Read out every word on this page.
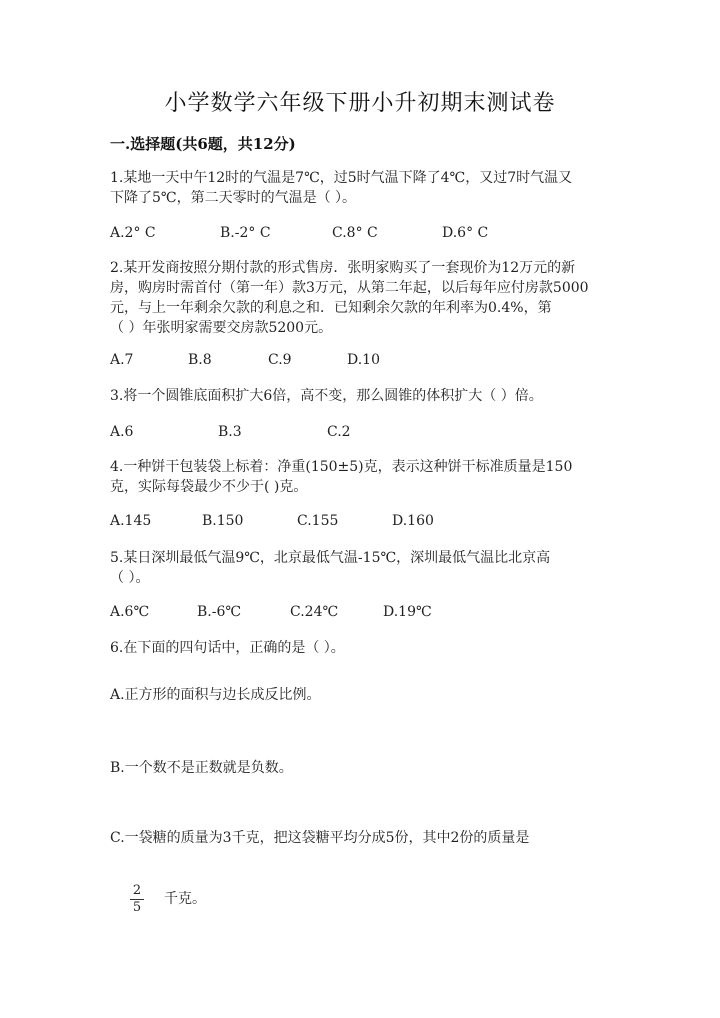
小学数学六年级下册小升初期末测试卷
一.选择题(共6题，共12分)
1.某地一天中午12时的气温是7℃，过5时气温下降了4℃，又过7时气温又
下降了5℃，第二天零时的气温是（ ）。
A.2° C	B.-2° C	C.8° C	D.6° C
2.某开发商按照分期付款的形式售房．张明家购买了一套现价为12万元的新
房，购房时需首付（第一年）款3万元，从第二年起，以后每年应付房款5000
元，与上一年剩余欠款的利息之和．已知剩余欠款的年利率为0.4%，第
（ ）年张明家需要交房款5200元。
A.7	B.8	C.9	D.10
3.将一个圆锥底面积扩大6倍，高不变，那么圆锥的体积扩大（ ）倍。
A.6	B.3	C.2
4.一种饼干包装袋上标着：净重(150±5)克，表示这种饼干标准质量是150
克，实际每袋最少不少于( )克。
A.145	B.150	C.155	D.160
5.某日深圳最低气温9℃，北京最低气温-15℃，深圳最低气温比北京高
（ ）。
A.6℃	B.-6℃	C.24℃	D.19℃
6.在下面的四句话中，正确的是（ ）。
A.正方形的面积与边长成反比例。
B.一个数不是正数就是负数。
C.一袋糖的质量为3千克，把这袋糖平均分成5份，其中2份的质量是
2
5
千克。
